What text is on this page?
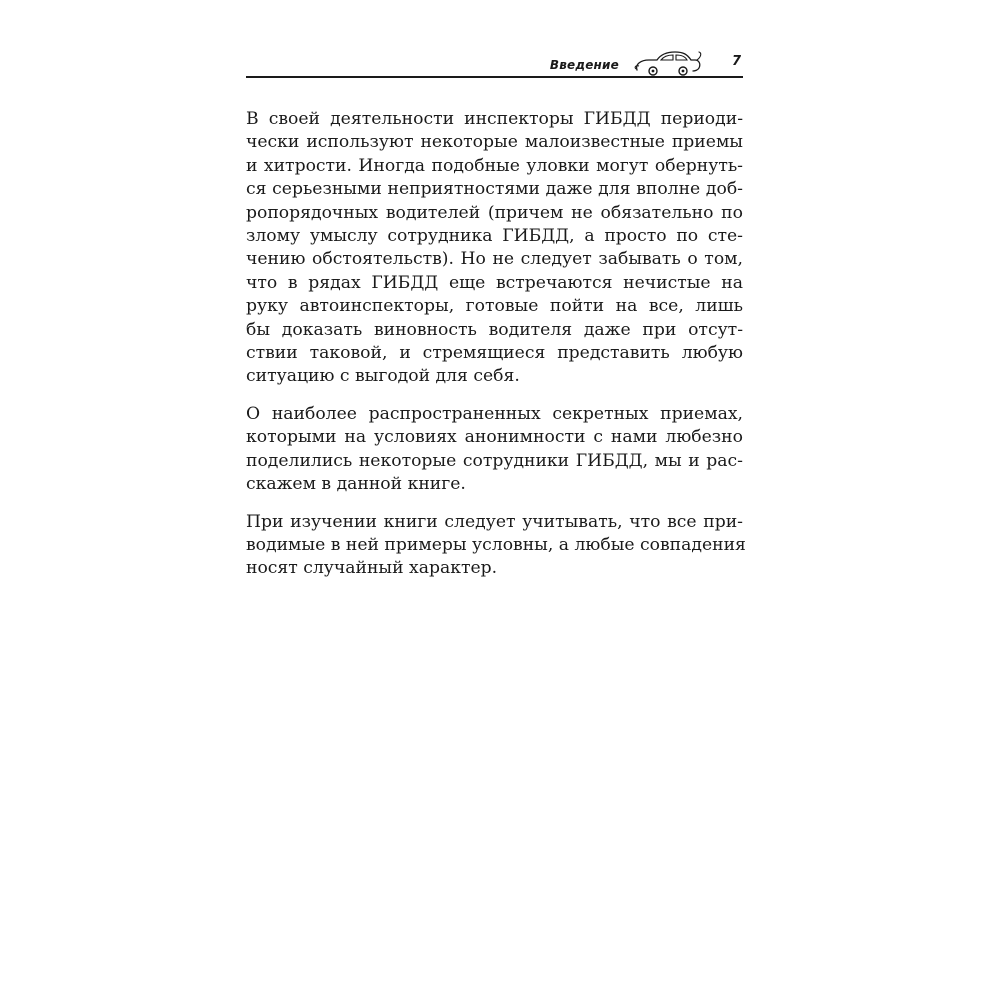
Введение	7

В своей деятельности инспекторы ГИБДД периоди-
чески используют некоторые малоизвестные приемы
и хитрости. Иногда подобные уловки могут обернуть-
ся серьезными неприятностями даже для вполне доб-
ропорядочных водителей (причем не обязательно по
злому умыслу сотрудника ГИБДД, а просто по сте-
чению обстоятельств). Но не следует забывать о том,
что в рядах ГИБДД еще встречаются нечистые на
руку автоинспекторы, готовые пойти на все, лишь
бы доказать виновность водителя даже при отсут-
ствии таковой, и стремящиеся представить любую
ситуацию с выгодой для себя.

О наиболее распространенных секретных приемах,
которыми на условиях анонимности с нами любезно
поделились некоторые сотрудники ГИБДД, мы и рас-
скажем в данной книге.

При изучении книги следует учитывать, что все при-
водимые в ней примеры условны, а любые совпадения
носят случайный характер.
